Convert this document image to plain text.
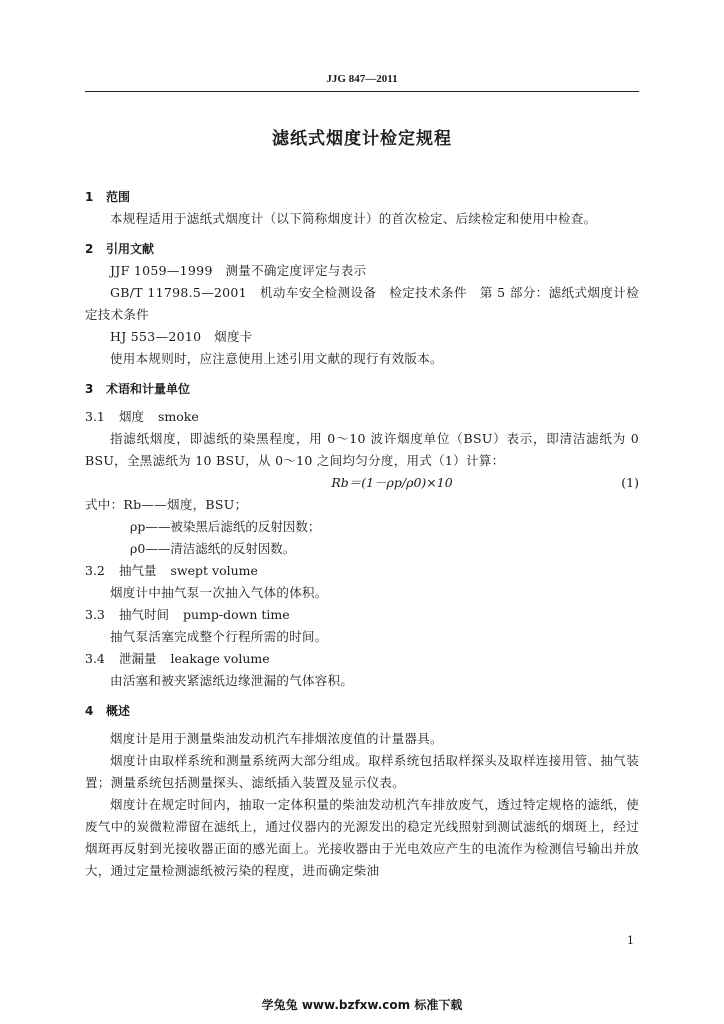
JJG 847—2011
滤纸式烟度计检定规程
1 范围
本规程适用于滤纸式烟度计（以下简称烟度计）的首次检定、后续检定和使用中检查。
2 引用文献
JJF 1059—1999　测量不确定度评定与表示
GB/T 11798.5—2001　机动车安全检测设备　检定技术条件　第 5 部分：滤纸式烟度计检定技术条件
HJ 553—2010　烟度卡
使用本规则时，应注意使用上述引用文献的现行有效版本。
3 术语和计量单位
3.1 烟度 smoke
指滤纸烟度，即滤纸的染黑程度，用 0～10 波许烟度单位（BSU）表示，即清洁滤纸为 0 BSU，全黑滤纸为 10 BSU，从 0～10 之间均匀分度，用式（1）计算：
Rb＝(1－ρp/ρ0)×10	(1)
式中：Rb——烟度，BSU；
ρp——被染黑后滤纸的反射因数；
ρ0——清洁滤纸的反射因数。
3.2 抽气量 swept volume
烟度计中抽气泵一次抽入气体的体积。
3.3 抽气时间 pump-down time
抽气泵活塞完成整个行程所需的时间。
3.4 泄漏量 leakage volume
由活塞和被夹紧滤纸边缘泄漏的气体容积。
4 概述
烟度计是用于测量柴油发动机汽车排烟浓度值的计量器具。
烟度计由取样系统和测量系统两大部分组成。取样系统包括取样探头及取样连接用管、抽气装置；测量系统包括测量探头、滤纸插入装置及显示仪表。
烟度计在规定时间内，抽取一定体积量的柴油发动机汽车排放废气，透过特定规格的滤纸，使废气中的炭微粒滞留在滤纸上，通过仪器内的光源发出的稳定光线照射到测试滤纸的烟斑上，经过烟斑再反射到光接收器正面的感光面上。光接收器由于光电效应产生的电流作为检测信号输出并放大，通过定量检测滤纸被污染的程度，进而确定柴油
1
学兔兔 www.bzfxw.com 标准下载
